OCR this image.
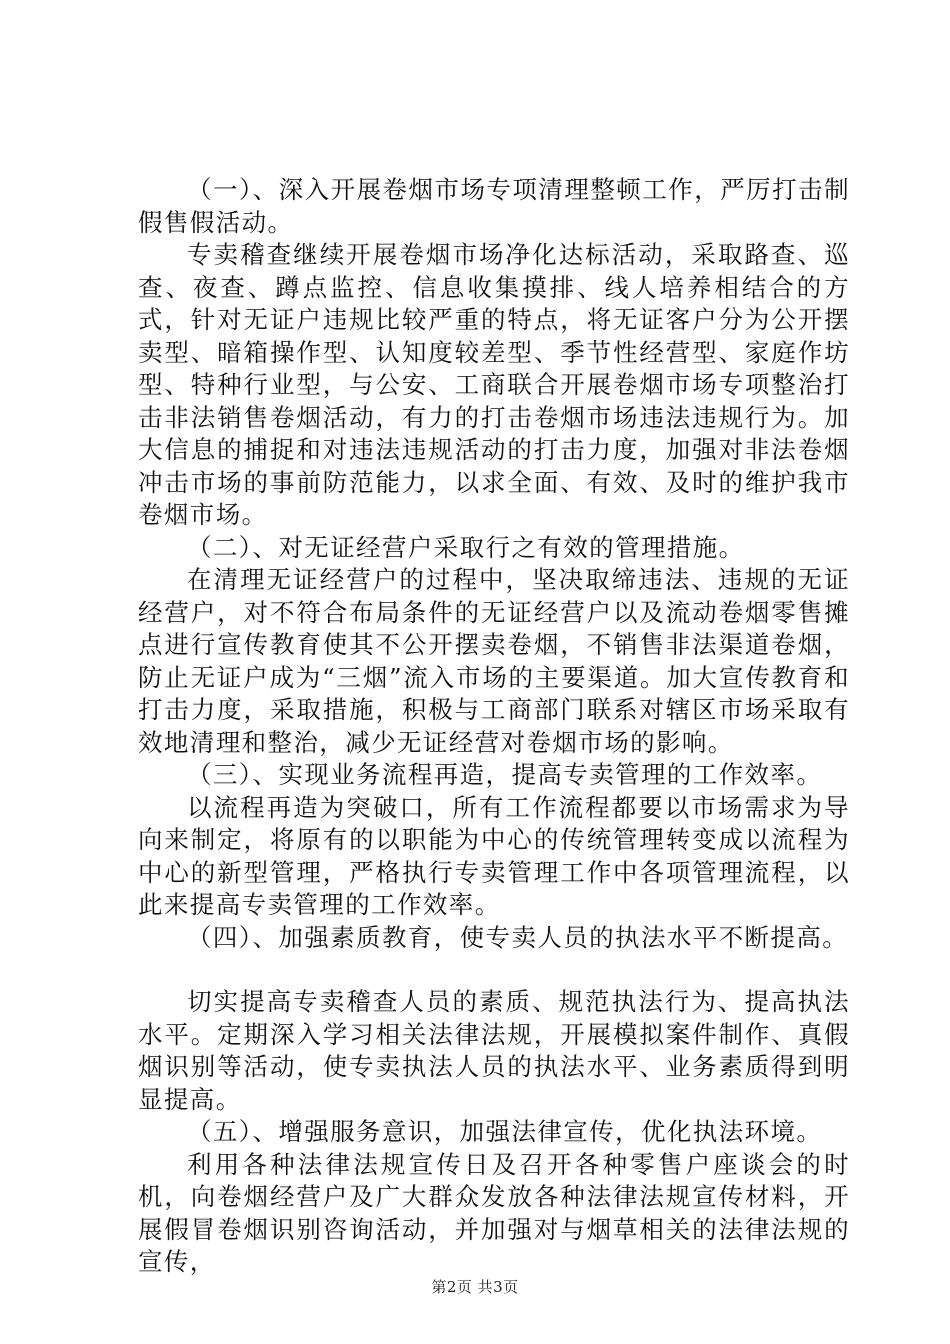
（一）、深入开展卷烟市场专项清理整顿工作，严厉打击制假售假活动。

专卖稽查继续开展卷烟市场净化达标活动，采取路查、巡查、夜查、蹲点监控、信息收集摸排、线人培养相结合的方式，针对无证户违规比较严重的特点，将无证客户分为公开摆卖型、暗箱操作型、认知度较差型、季节性经营型、家庭作坊型、特种行业型，与公安、工商联合开展卷烟市场专项整治打击非法销售卷烟活动，有力的打击卷烟市场违法违规行为。加大信息的捕捉和对违法违规活动的打击力度，加强对非法卷烟冲击市场的事前防范能力，以求全面、有效、及时的维护我市卷烟市场。

（二）、对无证经营户采取行之有效的管理措施。

在清理无证经营户的过程中，坚决取缔违法、违规的无证经营户，对不符合布局条件的无证经营户以及流动卷烟零售摊点进行宣传教育使其不公开摆卖卷烟，不销售非法渠道卷烟，防止无证户成为“三烟”流入市场的主要渠道。加大宣传教育和打击力度，采取措施，积极与工商部门联系对辖区市场采取有效地清理和整治，减少无证经营对卷烟市场的影响。

（三）、实现业务流程再造，提高专卖管理的工作效率。

以流程再造为突破口，所有工作流程都要以市场需求为导向来制定，将原有的以职能为中心的传统管理转变成以流程为中心的新型管理，严格执行专卖管理工作中各项管理流程，以此来提高专卖管理的工作效率。

（四）、加强素质教育，使专卖人员的执法水平不断提高。

切实提高专卖稽查人员的素质、规范执法行为、提高执法水平。定期深入学习相关法律法规，开展模拟案件制作、真假烟识别等活动，使专卖执法人员的执法水平、业务素质得到明显提高。

（五）、增强服务意识，加强法律宣传，优化执法环境。

利用各种法律法规宣传日及召开各种零售户座谈会的时机，向卷烟经营户及广大群众发放各种法律法规宣传材料，开展假冒卷烟识别咨询活动，并加强对与烟草相关的法律法规的宣传，

第2页 共3页
